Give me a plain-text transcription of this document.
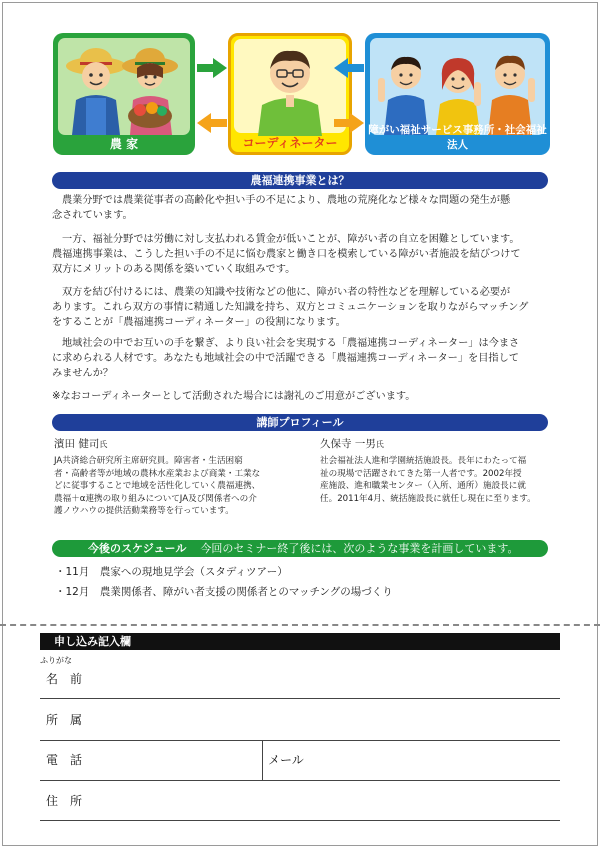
農 家	コーディネーター
障がい福祉サービス事務所・社会福祉法人
農福連携事業とは？
農業分野では農業従事者の高齢化や担い手の不足により、農地の荒廃化など様々な問題の発生が懸
念されています。
一方、福祉分野では労働に対し支払われる賃金が低いことが、障がい者の自立を困難としています。
農福連携事業は、こうした担い手の不足に悩む農家と働き口を模索している障がい者施設を結びつけて
双方にメリットのある関係を築いていく取組みです。
双方を結び付けるには、農業の知識や技術などの他に、障がい者の特性などを理解している必要が
あります。これら双方の事情に精通した知識を持ち、双方とコミュニケーションを取りながらマッチング
をすることが「農福連携コーディネーター」の役割になります。
地域社会の中でお互いの手を繋ぎ、より良い社会を実現する「農福連携コーディネーター」は今まさ
に求められる人材です。あなたも地域社会の中で活躍できる「農福連携コーディネーター」を目指して
みませんか？
※なおコーディネーターとして活動された場合には謝礼のご用意がございます。
講師プロフィール
濱田 健司氏
JA共済総合研究所主席研究員。障害者・生活困窮
者・高齢者等が地域の農林水産業および商業・工業な
どに従事することで地域を活性化していく農福連携、
農福＋α連携の取り組みについてJA及び関係者への介
護ノウハウの提供活動業務等を行っています。
久保寺 一男氏
社会福祉法人進和学園統括施設長。長年にわたって福
祉の現場で活躍されてきた第一人者です。2002年授
産施設、進和職業センター（入所、通所）施設長に就
任。2011年4月、統括施設長に就任し現在に至ります。
今後のスケジュール 今回のセミナー終了後には、次のような事業を計画しています。
・11月　農家への現地見学会（スタディツアー）
・12月　農業関係者、障がい者支援の関係者とのマッチングの場づくり
申し込み記入欄
ふりがな
名　前
所　属
電　話	メール
住　所
